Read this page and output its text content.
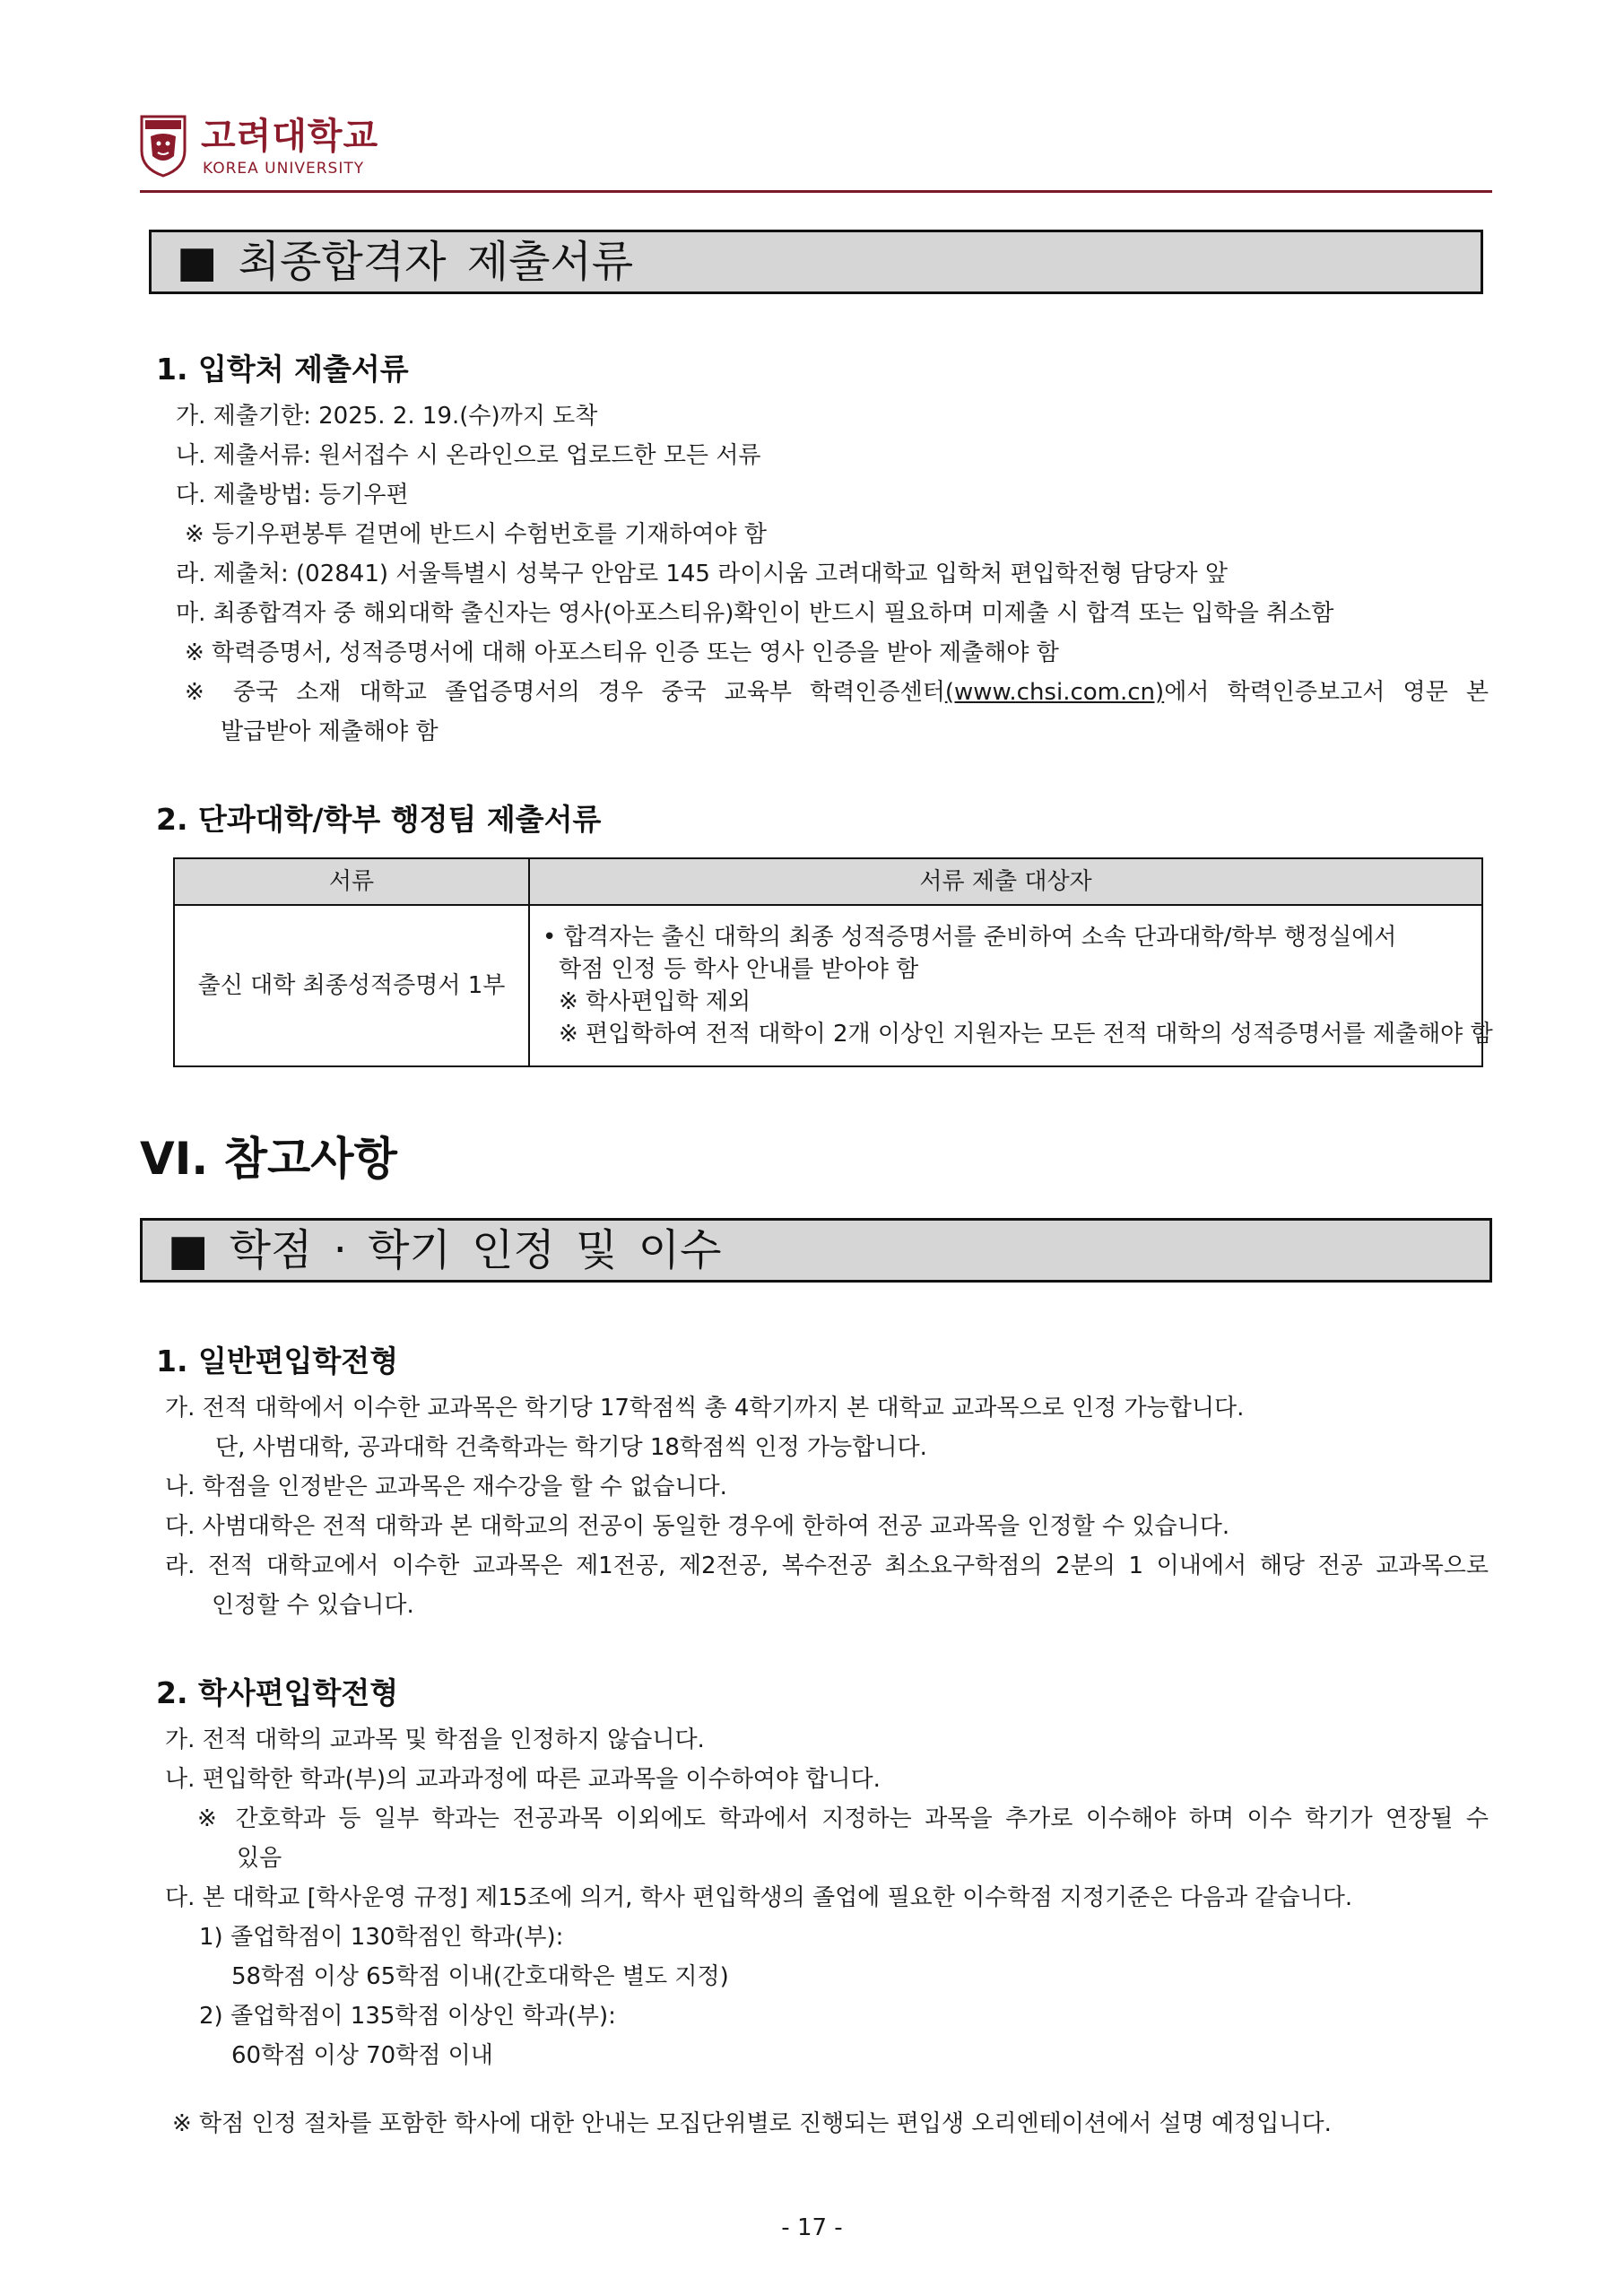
고려대학교
KOREA UNIVERSITY
■ 최종합격자 제출서류
1. 입학처 제출서류
가. 제출기한: 2025. 2. 19.(수)까지 도착
나. 제출서류: 원서접수 시 온라인으로 업로드한 모든 서류
다. 제출방법: 등기우편
※ 등기우편봉투 겉면에 반드시 수험번호를 기재하여야 함
라. 제출처: (02841) 서울특별시 성북구 안암로 145 라이시움 고려대학교 입학처 편입학전형 담당자 앞
마. 최종합격자 중 해외대학 출신자는 영사(아포스티유)확인이 반드시 필요하며 미제출 시 합격 또는 입학을 취소함
※ 학력증명서, 성적증명서에 대해 아포스티유 인증 또는 영사 인증을 받아 제출해야 함
※ 중국 소재 대학교 졸업증명서의 경우 중국 교육부 학력인증센터(www.chsi.com.cn)에서 학력인증보고서 영문 본
발급받아 제출해야 함
2. 단과대학/학부 행정팀 제출서류
서류	서류 제출 대상자
출신 대학 최종성적증명서 1부	• 합격자는 출신 대학의 최종 성적증명서를 준비하여 소속 단과대학/학부 행정실에서
학점 인정 등 학사 안내를 받아야 함
※ 학사편입학 제외
※ 편입학하여 전적 대학이 2개 이상인 지원자는 모든 전적 대학의 성적증명서를 제출해야 함
VI. 참고사항
■ 학점 · 학기 인정 및 이수
1. 일반편입학전형
가. 전적 대학에서 이수한 교과목은 학기당 17학점씩 총 4학기까지 본 대학교 교과목으로 인정 가능합니다.
단, 사범대학, 공과대학 건축학과는 학기당 18학점씩 인정 가능합니다.
나. 학점을 인정받은 교과목은 재수강을 할 수 없습니다.
다. 사범대학은 전적 대학과 본 대학교의 전공이 동일한 경우에 한하여 전공 교과목을 인정할 수 있습니다.
라. 전적 대학교에서 이수한 교과목은 제1전공, 제2전공, 복수전공 최소요구학점의 2분의 1 이내에서 해당 전공 교과목으로
인정할 수 있습니다.
2. 학사편입학전형
가. 전적 대학의 교과목 및 학점을 인정하지 않습니다.
나. 편입학한 학과(부)의 교과과정에 따른 교과목을 이수하여야 합니다.
※ 간호학과 등 일부 학과는 전공과목 이외에도 학과에서 지정하는 과목을 추가로 이수해야 하며 이수 학기가 연장될 수
있음
다. 본 대학교 [학사운영 규정] 제15조에 의거, 학사 편입학생의 졸업에 필요한 이수학점 지정기준은 다음과 같습니다.
1) 졸업학점이 130학점인 학과(부):
58학점 이상 65학점 이내(간호대학은 별도 지정)
2) 졸업학점이 135학점 이상인 학과(부):
60학점 이상 70학점 이내
※ 학점 인정 절차를 포함한 학사에 대한 안내는 모집단위별로 진행되는 편입생 오리엔테이션에서 설명 예정입니다.
- 17 -
